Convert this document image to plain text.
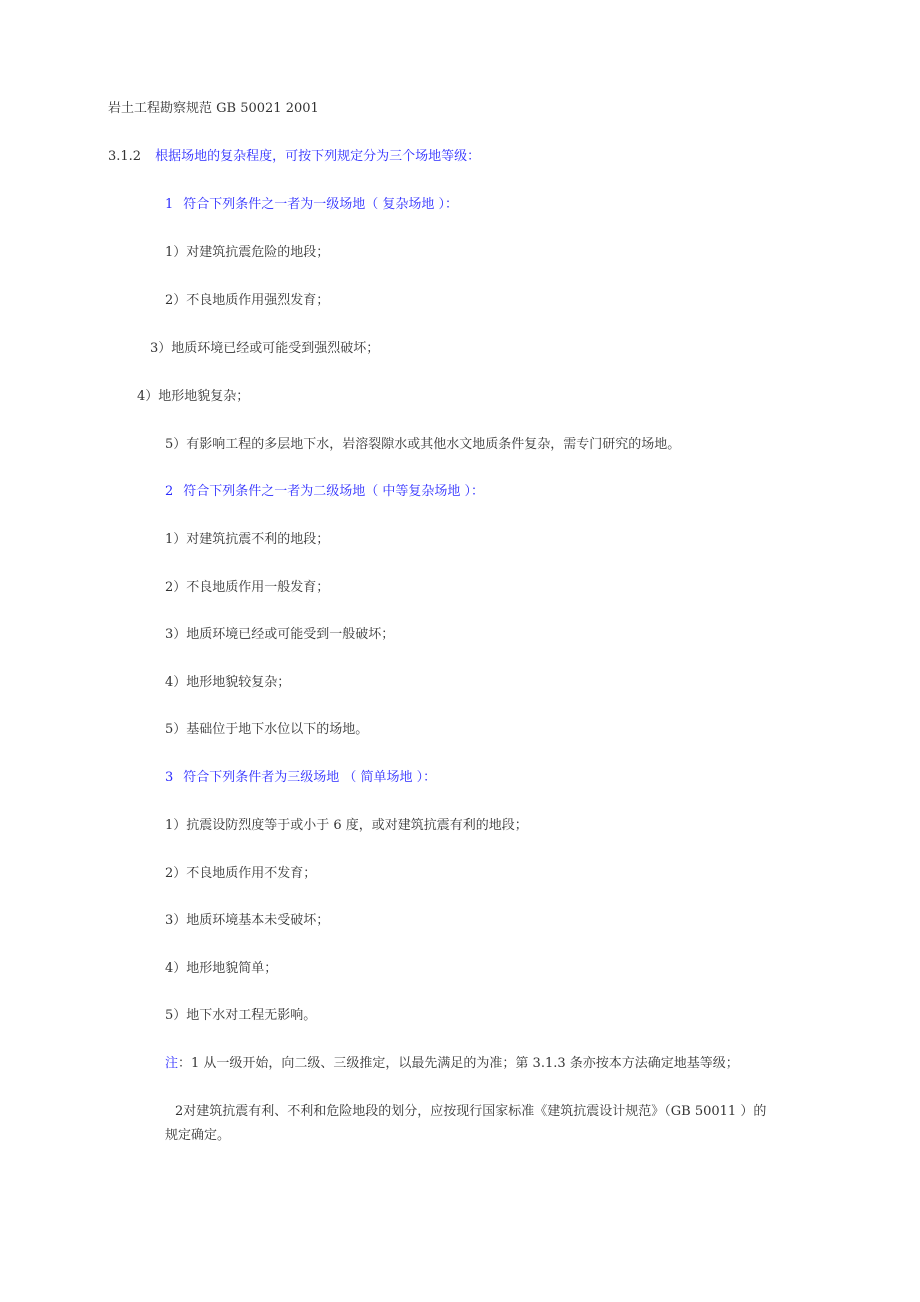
岩土工程勘察规范 GB 50021 2001
3.1.2 根据场地的复杂程度，可按下列规定分为三个场地等级：
1 符合下列条件之一者为一级场地（ 复杂场地 ）：
1）对建筑抗震危险的地段；
2）不良地质作用强烈发育；
3）地质环境已经或可能受到强烈破坏；
4）地形地貌复杂；
5）有影响工程的多层地下水，岩溶裂隙水或其他水文地质条件复杂，需专门研究的场地。
2 符合下列条件之一者为二级场地（ 中等复杂场地 ）：
1）对建筑抗震不利的地段；
2）不良地质作用一般发育；
3）地质环境已经或可能受到一般破坏；
4）地形地貌较复杂；
5）基础位于地下水位以下的场地。
3 符合下列条件者为三级场地 （ 简单场地 ）：
1）抗震设防烈度等于或小于 6 度，或对建筑抗震有利的地段；
2）不良地质作用不发育；
3）地质环境基本未受破坏；
4）地形地貌简单；
5）地下水对工程无影响。
注：1 从一级开始，向二级、三级推定，以最先满足的为准；第 3.1.3 条亦按本方法确定地基等级；
2对建筑抗震有利、不利和危险地段的划分，应按现行国家标准《建筑抗震设计规范》（GB 50011 ）的
规定确定。
